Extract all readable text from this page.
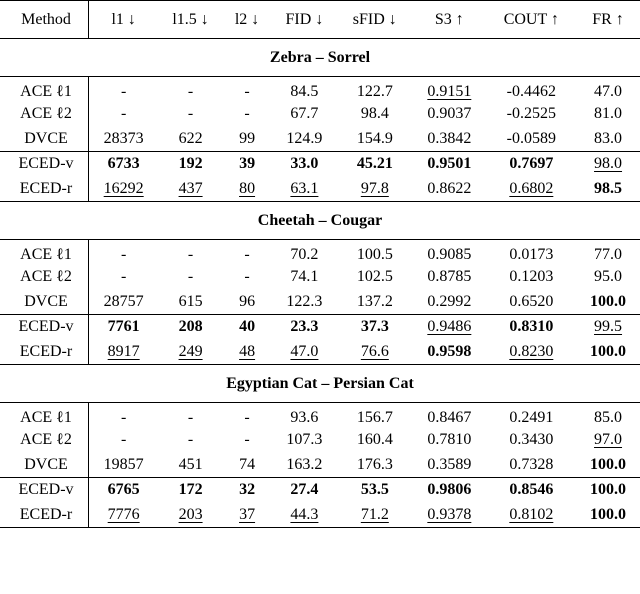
Method	l1 ↓	l1.5 ↓	l2 ↓	FID ↓	sFID ↓	S3 ↑	COUT ↑	FR ↑
Zebra – Sorrel								
ACE ℓ1	-	-	-	84.5	122.7	0.9151	-0.4462	47.0
ACE ℓ2	-	-	-	67.7	98.4	0.9037	-0.2525	81.0
DVCE	28373	622	99	124.9	154.9	0.3842	-0.0589	83.0
ECED-v	6733	192	39	33.0	45.21	0.9501	0.7697	98.0
ECED-r	16292	437	80	63.1	97.8	0.8622	0.6802	98.5
Cheetah – Cougar								
ACE ℓ1	-	-	-	70.2	100.5	0.9085	0.0173	77.0
ACE ℓ2	-	-	-	74.1	102.5	0.8785	0.1203	95.0
DVCE	28757	615	96	122.3	137.2	0.2992	0.6520	100.0
ECED-v	7761	208	40	23.3	37.3	0.9486	0.8310	99.5
ECED-r	8917	249	48	47.0	76.6	0.9598	0.8230	100.0
Egyptian Cat – Persian Cat								
ACE ℓ1	-	-	-	93.6	156.7	0.8467	0.2491	85.0
ACE ℓ2	-	-	-	107.3	160.4	0.7810	0.3430	97.0
DVCE	19857	451	74	163.2	176.3	0.3589	0.7328	100.0
ECED-v	6765	172	32	27.4	53.5	0.9806	0.8546	100.0
ECED-r	7776	203	37	44.3	71.2	0.9378	0.8102	100.0
